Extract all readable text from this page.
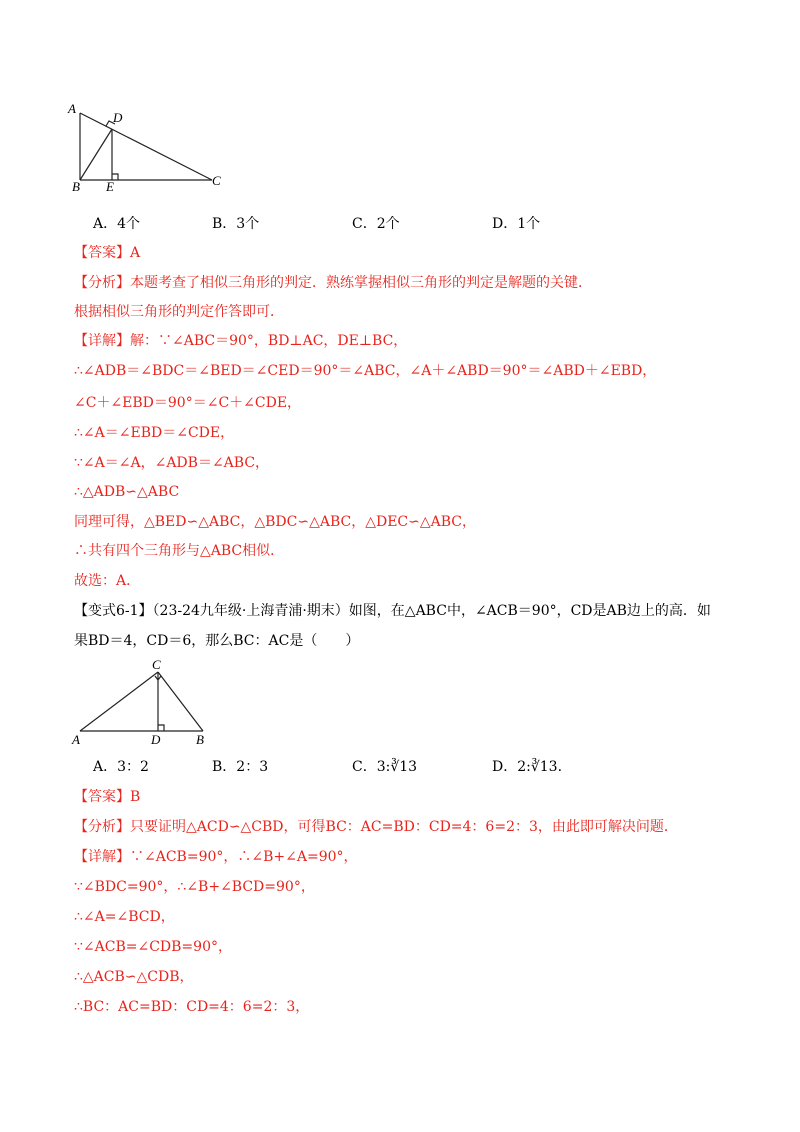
A
D
B E	C
A．4个	B．3个	C．2个	D．1个
【答案】A
【分析】本题考查了相似三角形的判定．熟练掌握相似三角形的判定是解题的关键．
根据相似三角形的判定作答即可．
【详解】解：∵∠ABC＝90°，BD⊥AC，DE⊥BC，
∴∠ADB＝∠BDC＝∠BED＝∠CED＝90°＝∠ABC，∠A＋∠ABD＝90°＝∠ABD＋∠EBD，
∠C＋∠EBD＝90°＝∠C＋∠CDE，
∴∠A＝∠EBD＝∠CDE，
∵∠A＝∠A，∠ADB＝∠ABC，
∴△ADB∽△ABC
同理可得，△BED∽△ABC，△BDC∽△ABC，△DEC∽△ABC，
∴共有四个三角形与△ABC相似．
故选：A．
【变式6-1】（23-24九年级·上海青浦·期末）如图，在△ABC中，∠ACB＝90°，CD是AB边上的高．如
果BD＝4，CD＝6，那么BC：AC是（　　）
C
A	D	B
A．3：2	B．2：3	C．3:∛13	D．2:∛13.
【答案】B
【分析】只要证明△ACD∽△CBD，可得BC：AC=BD：CD=4：6=2：3，由此即可解决问题．
【详解】∵∠ACB=90°，∴∠B+∠A=90°，
∵∠BDC=90°，∴∠B+∠BCD=90°，
∴∠A=∠BCD，
∵∠ACB=∠CDB=90°，
∴△ACB∽△CDB，
∴BC：AC=BD：CD=4：6=2：3，
